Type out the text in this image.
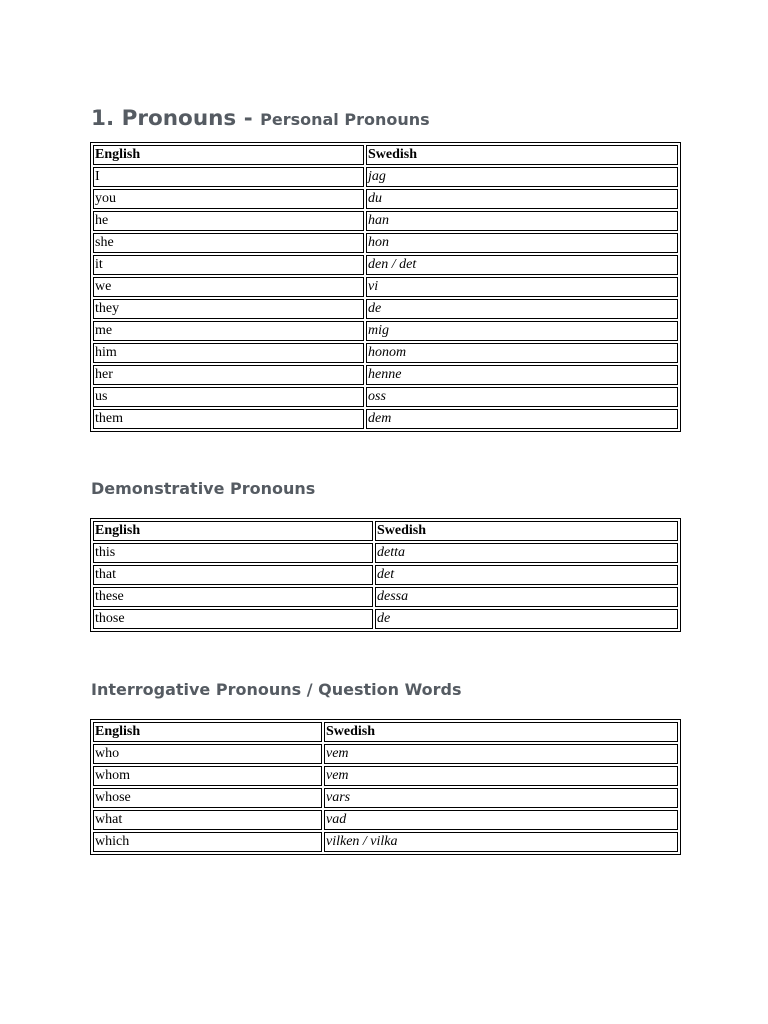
1. Pronouns - Personal Pronouns
English	Swedish
I	jag
you	du
he	han
she	hon
it	den / det
we	vi
they	de
me	mig
him	honom
her	henne
us	oss
them	dem
Demonstrative Pronouns
English	Swedish
this	detta
that	det
these	dessa
those	de
Interrogative Pronouns / Question Words
English	Swedish
who	vem
whom	vem
whose	vars
what	vad
which	vilken / vilka
